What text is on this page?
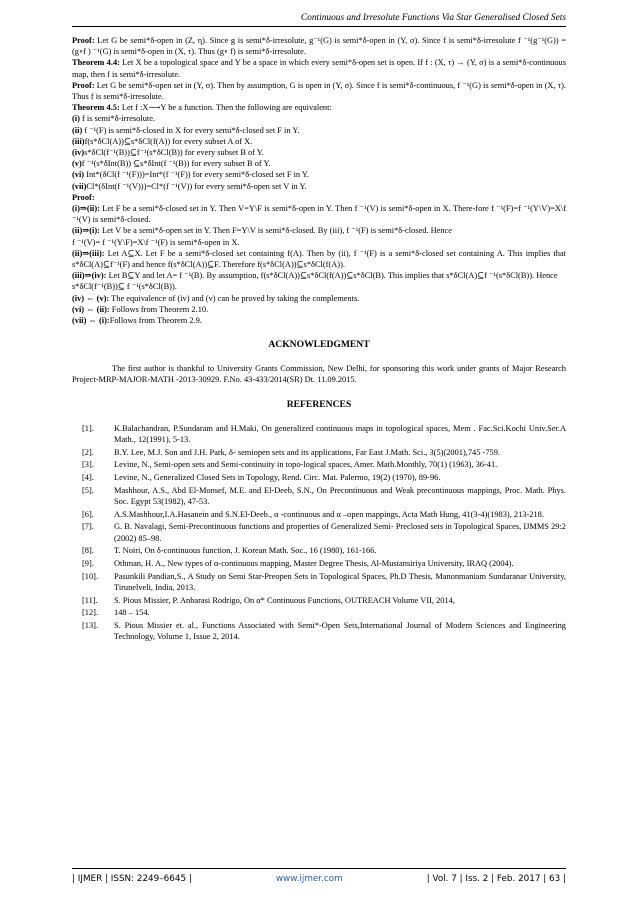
Continuous and Irresolute Functions Via Star Generalised Closed Sets

Proof: Let G be semi*δ-open in (Z, η). Since g is semi*δ-irresolute, g⁻¹(G) is semi*δ-open in (Y, σ). Since f is semi*δ-irresolute f ⁻¹(g⁻¹(G)) = (g∘f ) ⁻¹(G) is semi*δ-open in (X, τ). Thus (g∘ f) is semi*δ-irresolute.

Theorem 4.4: Let X be a topological space and Y be a space in which every semi*δ-open set is open. If f : (X, τ) → (Y, σ) is a semi*δ-continuous map, then f is semi*δ-irresolute.

Proof: Let G be semi*δ-open set in (Y, σ). Then by assumption, G is open in (Y, σ). Since f is semi*δ-continuous, f ⁻¹(G) is semi*δ-open in (X, τ). Thus f is semi*δ-irresolute.

Theorem 4.5: Let f :X⟶Y be a function. Then the following are equivalent:

(i) f is semi*δ-irresolute.

(ii) f ⁻¹(F) is semi*δ-closed in X for every semi*δ-closed set F in Y.

(iii)f(s*δCl(A))⊆s*δCl(f(A)) for every subset A of X.

(iv)s*δCl(f⁻¹(B))⊆f⁻¹(s*δCl(B)) for every subset B of Y.

(v)f ⁻¹(s*δInt(B)) ⊆s*δInt(f ⁻¹(B)) for every subset B of Y.

(vi) Int*(δCl(f ⁻¹(F)))=Int*(f ⁻¹(F)) for every semi*δ-closed set F in Y.

(vii)Cl*(δInt(f ⁻¹(V)))=Cl*(f ⁻¹(V)) for every semi*δ-open set V in Y.

Proof:

(i)⇒(ii): Let F be a semi*δ-closed set in Y. Then V=Y\F is semi*δ-open in Y. Then f ⁻¹(V) is semi*δ-open in X. There-fore f ⁻¹(F)=f ⁻¹(Y\V)=X\f ⁻¹(V) is semi*δ-closed.

(ii)⇒(i): Let V be a semi*δ-open set in Y. Then F=Y\V is semi*δ-closed. By (iii), f ⁻¹(F) is semi*δ-closed. Hence

f ⁻¹(V)= f ⁻¹(Y\F)=X\f ⁻¹(F) is semi*δ-open in X.

(ii)⇒(iii): Let A⊆X. Let F be a semi*δ-closed set containing f(A). Then by (ii), f ⁻¹(F) is a semi*δ-closed set containing A. This implies that s*δCl(A)⊆f⁻¹(F) and hence f(s*δCl(A))⊆F. Therefore f(s*δCl(A))⊆s*δCl(f(A)).

(iii)⇒(iv): Let B⊆Y and let A= f ⁻¹(B). By assumption, f(s*δCl(A))⊆s*δCl(f(A))⊆s*δCl(B). This implies that s*δCl(A)⊆f ⁻¹(s*δCl(B)). Hence

s*δCl(f⁻¹(B))⊆ f ⁻¹(s*δCl(B)).

(iv) ⇔ (v): The equivalence of (iv) and (v) can be proved by taking the complements.

(vi) ⇔ (ii): Follows from Theorem 2.10.

(vii) ⇔ (i):Follows from Theorem 2.9.

ACKNOWLEDGMENT

The first author is thankful to University Grants Commission, New Delhi, for sponsoring this work under grants of Major Research Project-MRP-MAJOR-MATH -2013-30929. F.No. 43-433/2014(SR) Dt. 11.09.2015.

REFERENCES
[1].	K.Balachandran, P.Sundaram and H.Maki, On generalized continuous maps in topological spaces, Mem . Fac.Sci.Kochi Univ.Ser.A Math., 12(1991), 5-13.
[2].	B.Y. Lee, M.J. Son and J.H. Park, δ- semiopen sets and its applications, Far East J.Math. Sci., 3(5)(2001),745 -759.
[3].	Levine, N., Semi-open sets and Semi-continuity in topo-logical spaces, Amer. Math.Monthly, 70(1) (1963), 36-41.
[4].	Levine, N., Generalized Closed Sets in Topology, Rend. Circ. Mat. Palermo, 19(2) (1970), 89-96.
[5].	Mashhour, A.S., Abd El-Monsef, M.E. and El-Deeb, S.N., On Precontinuous and Weak precontinuous mappings, Proc. Math. Phys. Soc. Egypt 53(1982), 47-53.
[6].	A.S.Mashhour,I.A.Hasanein and S.N.El-Deeb., α -continuous and α –open mappings, Acta Math Hung, 41(3-4)(1983), 213-218.
[7].	G. B. Navalagi, Semi-Precontinuous functions and properties of Generalized Semi- Preclosed sets in Topological Spaces, IJMMS 29:2 (2002) 85–98.
[8].	T. Noiri, On δ-continuous function, J. Korean Math. Soc., 16 (1980), 161-166.
[9].	Othman, H. A., New types of α-continuous mapping, Master Degree Thesis, Al-Mustansiriya University, IRAQ (2004).
[10].	Pasunkili Pandian,S., A Study on Semi Star-Preopen Sets in Topological Spaces, Ph.D Thesis, Manonmaniam Sundaranar University, Tirunelveli, India, 2013.
[11].	S. Pious Missier, P. Anbarasi Rodrigo, On α* Continuous Functions, OUTREACH Volume VII, 2014,
[12].	148 – 154.
[13].	S. Pious Missier et. al., Functions Associated with Semi*-Open Sets,International Journal of Modern Sciences and Engineering Technology, Volume 1, Issue 2, 2014.
| IJMER | ISSN: 2249–6645 |	www.ijmer.com	| Vol. 7 | Iss. 2 | Feb. 2017 | 63 |
